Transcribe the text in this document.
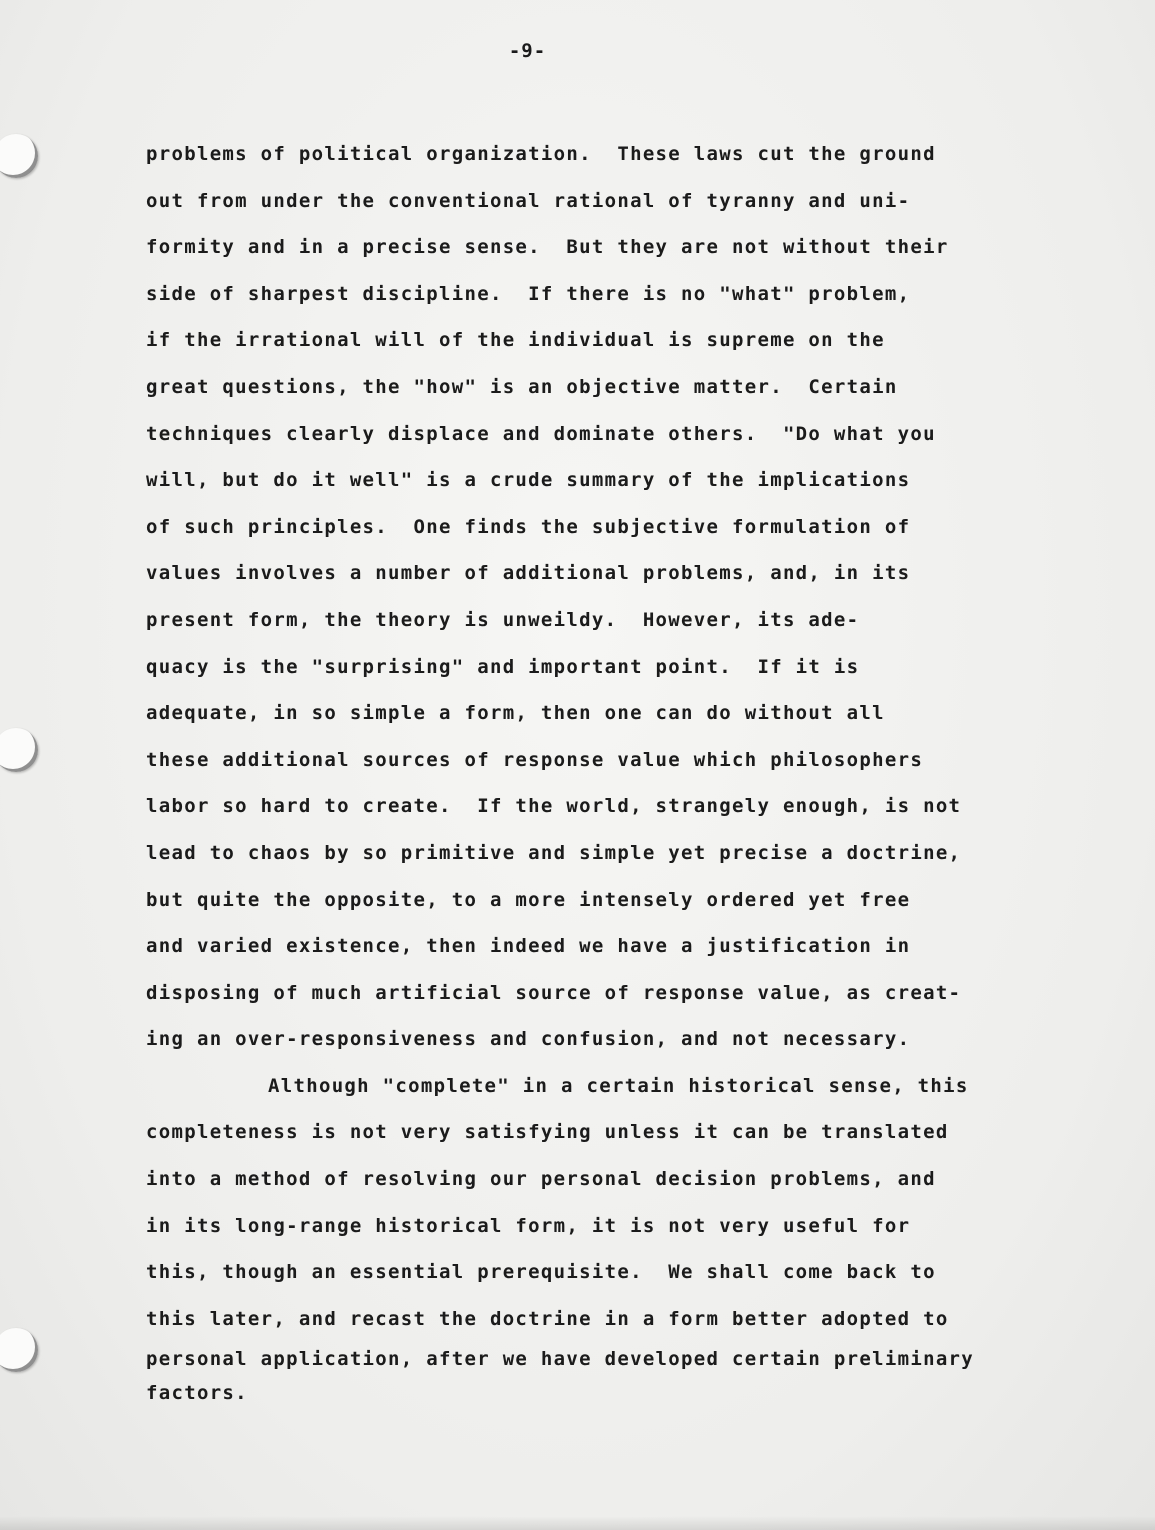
-9-
problems of political organization.  These laws cut the ground
out from under the conventional rational of tyranny and uni-
formity and in a precise sense.  But they are not without their
side of sharpest discipline.  If there is no "what" problem,
if the irrational will of the individual is supreme on the
great questions, the "how" is an objective matter.  Certain
techniques clearly displace and dominate others.  "Do what you
will, but do it well" is a crude summary of the implications
of such principles.  One finds the subjective formulation of
values involves a number of additional problems, and, in its
present form, the theory is unweildy.  However, its ade-
quacy is the "surprising" and important point.  If it is
adequate, in so simple a form, then one can do without all
these additional sources of response value which philosophers
labor so hard to create.  If the world, strangely enough, is not
lead to chaos by so primitive and simple yet precise a doctrine,
but quite the opposite, to a more intensely ordered yet free
and varied existence, then indeed we have a justification in
disposing of much artificial source of response value, as creat-
ing an over-responsiveness and confusion, and not necessary.
Although "complete" in a certain historical sense, this
completeness is not very satisfying unless it can be translated
into a method of resolving our personal decision problems, and
in its long-range historical form, it is not very useful for
this, though an essential prerequisite.  We shall come back to
this later, and recast the doctrine in a form better adopted to
personal application, after we have developed certain preliminary
factors.
